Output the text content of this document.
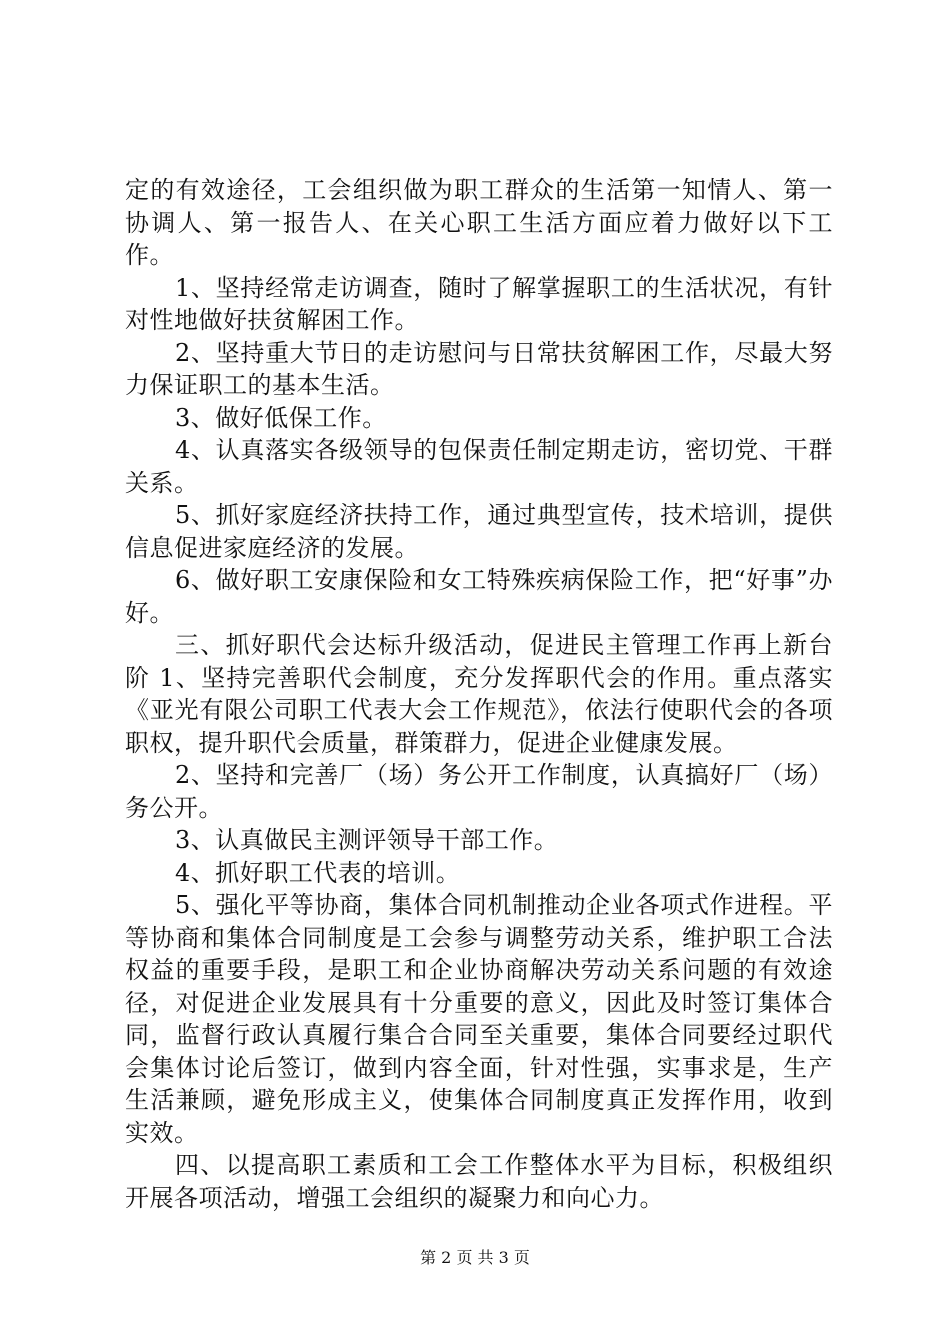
定的有效途径，工会组织做为职工群众的生活第一知情人、第一协调人、第一报告人、在关心职工生活方面应着力做好以下工作。

1、坚持经常走访调查，随时了解掌握职工的生活状况，有针对性地做好扶贫解困工作。

2、坚持重大节日的走访慰问与日常扶贫解困工作，尽最大努力保证职工的基本生活。

3、做好低保工作。

4、认真落实各级领导的包保责任制定期走访，密切党、干群关系。

5、抓好家庭经济扶持工作，通过典型宣传，技术培训，提供信息促进家庭经济的发展。

6、做好职工安康保险和女工特殊疾病保险工作，把“好事”办好。

三、抓好职代会达标升级活动，促进民主管理工作再上新台阶 1、坚持完善职代会制度，充分发挥职代会的作用。重点落实《亚光有限公司职工代表大会工作规范》，依法行使职代会的各项职权，提升职代会质量，群策群力，促进企业健康发展。

2、坚持和完善厂（场）务公开工作制度，认真搞好厂（场）务公开。

3、认真做民主测评领导干部工作。

4、抓好职工代表的培训。

5、强化平等协商，集体合同机制推动企业各项式作进程。平等协商和集体合同制度是工会参与调整劳动关系，维护职工合法权益的重要手段，是职工和企业协商解决劳动关系问题的有效途径，对促进企业发展具有十分重要的意义，因此及时签订集体合同，监督行政认真履行集合合同至关重要，集体合同要经过职代会集体讨论后签订，做到内容全面，针对性强，实事求是，生产生活兼顾，避免形成主义，使集体合同制度真正发挥作用，收到实效。

四、以提高职工素质和工会工作整体水平为目标，积极组织开展各项活动，增强工会组织的凝聚力和向心力。

第 2 页 共 3 页
